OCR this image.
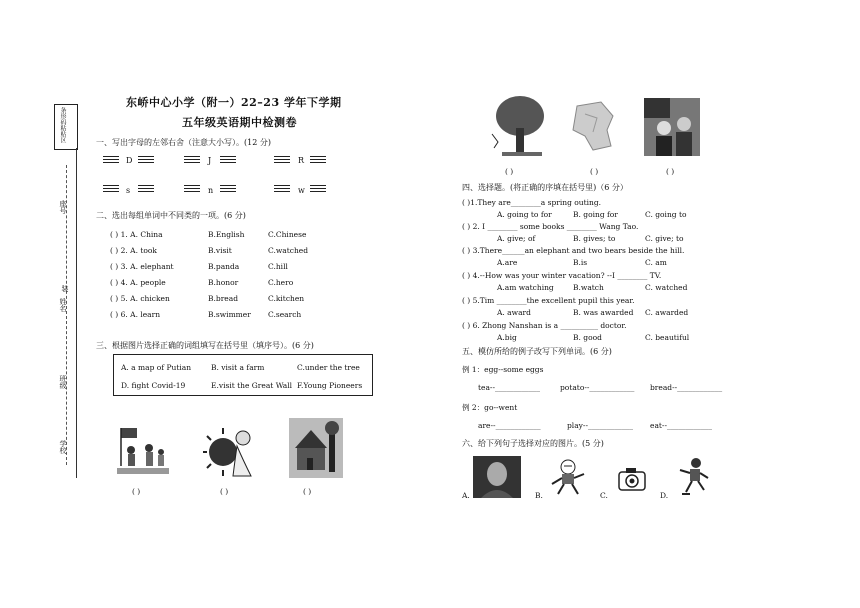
条形码粘贴区
座号
装
姓名
班级
学校
东峤中心小学（附一）22–23 学年下学期
五年级英语期中检测卷
一、写出字母的左邻右舍（注意大小写）。(12 分)
D	J	R
s	n	w
二、选出每组单词中不同类的一项。(6 分)
( ) 1. A. China	B.English	C.Chinese
( ) 2. A. took	B.visit	C.watched
( ) 3. A. elephant	B.panda	C.hill
( ) 4. A. people	B.honor	C.hero
( ) 5. A. chicken	B.bread	C.kitchen
( ) 6. A. learn	B.swimmer C.search
三、根据图片选择正确的词组填写在括号里（填序号）。(6 分)
A. a map of Putian	B. visit a farm	C.under the tree
D. fight Covid-19	E.visit the Great Wall F.Young Pioneers
( )	( )	( )
( )	( )	( )
四、选择题。(将正确的序填在括号里)（6 分）
( )1.They are________a spring outing.
A. going to for	B. going for	C. going to
( ) 2. I ________ some books ________ Wang Tao.
A. give; of	B. gives; to	C. give; to
( ) 3.There______an elephant and two bears beside the hill.
A.are	B.is	C. am
( ) 4.--How was your winter vacation? --I ________ TV.
A.am watching	B.watch	C. watched
( ) 5.Tim ________the excellent pupil this year.
A. award	B. was awarded C. awarded
( ) 6. Zhong Nanshan is a __________ doctor.
A.big	B. good	C. beautiful
五、模仿所给的例子改写下列单词。(6 分)
例 1：egg--some eggs
tea--____________	potato--____________ bread--____________
例 2：go--went
are--____________	play--____________ eat--____________
六、给下列句子选择对应的图片。(5 分)
A.	B.	C.	D.
